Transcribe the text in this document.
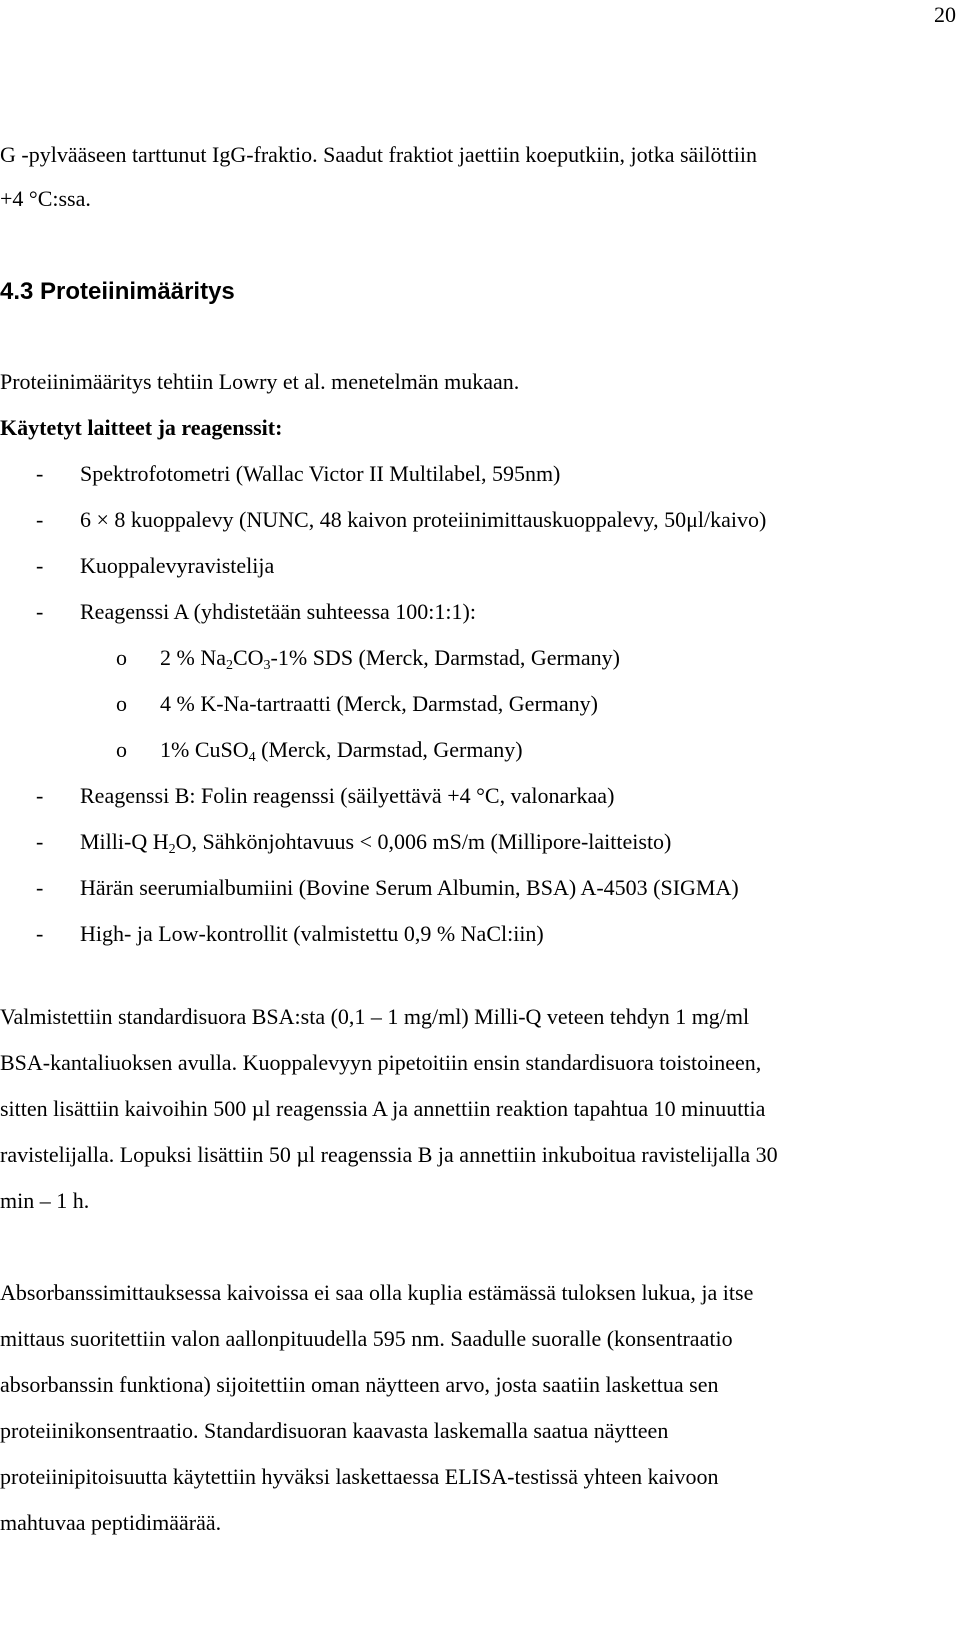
20
G -pylvääseen tarttunut IgG-fraktio. Saadut fraktiot jaettiin koeputkiin, jotka säilöttiin
+4 °C:ssa.
4.3 Proteiinimääritys
Proteiinimääritys tehtiin Lowry et al. menetelmän mukaan.
Käytetyt laitteet ja reagenssit:
- Spektrofotometri (Wallac Victor II Multilabel, 595nm)
- 6 × 8 kuoppalevy (NUNC, 48 kaivon proteiinimittauskuoppalevy, 50μl/kaivo)
- Kuoppalevyravistelija
- Reagenssi A (yhdistetään suhteessa 100:1:1):
o 2 % $Na_2CO_3-1\%$ SDS (Merck, Darmstad, Germany)
o 4 % K-Na-tartraatti (Merck, Darmstad, Germany)
o 1% CuSO$_4$ (Merck, Darmstad, Germany)
- Reagenssi B: Folin reagenssi (säilyettävä +4 °C, valonarkaa)
- Milli-Q $H_2O$, Sähkönjohtavuus < 0,006 mS/m (Millipore-laitteisto)
- Härän seerumialbumiini (Bovine Serum Albumin, BSA) A-4503 (SIGMA)
- High- ja Low-kontrollit (valmistettu 0,9 % NaCl:iin)
Valmistettiin standardisuora BSA:sta (0,1 – 1 mg/ml) Milli-Q veteen tehdyn 1 mg/ml
BSA-kantaliuoksen avulla. Kuoppalevyyn pipetoitiin ensin standardisuora toistoineen,
sitten lisättiin kaivoihin 500 µl reagenssia A ja annettiin reaktion tapahtua 10 minuuttia
ravistelijalla. Lopuksi lisättiin 50 µl reagenssia B ja annettiin inkuboitua ravistelijalla 30
min – 1 h.
Absorbanssimittauksessa kaivoissa ei saa olla kuplia estämässä tuloksen lukua, ja itse
mittaus suoritettiin valon aallonpituudella 595 nm. Saadulle suoralle (konsentraatio
absorbanssin funktiona) sijoitettiin oman näytteen arvo, josta saatiin laskettua sen
proteiinikonsentraatio. Standardisuoran kaavasta laskemalla saatua näytteen
proteiinipitoisuutta käytettiin hyväksi laskettaessa ELISA-testissä yhteen kaivoon
mahtuvaa peptidimäärää.
